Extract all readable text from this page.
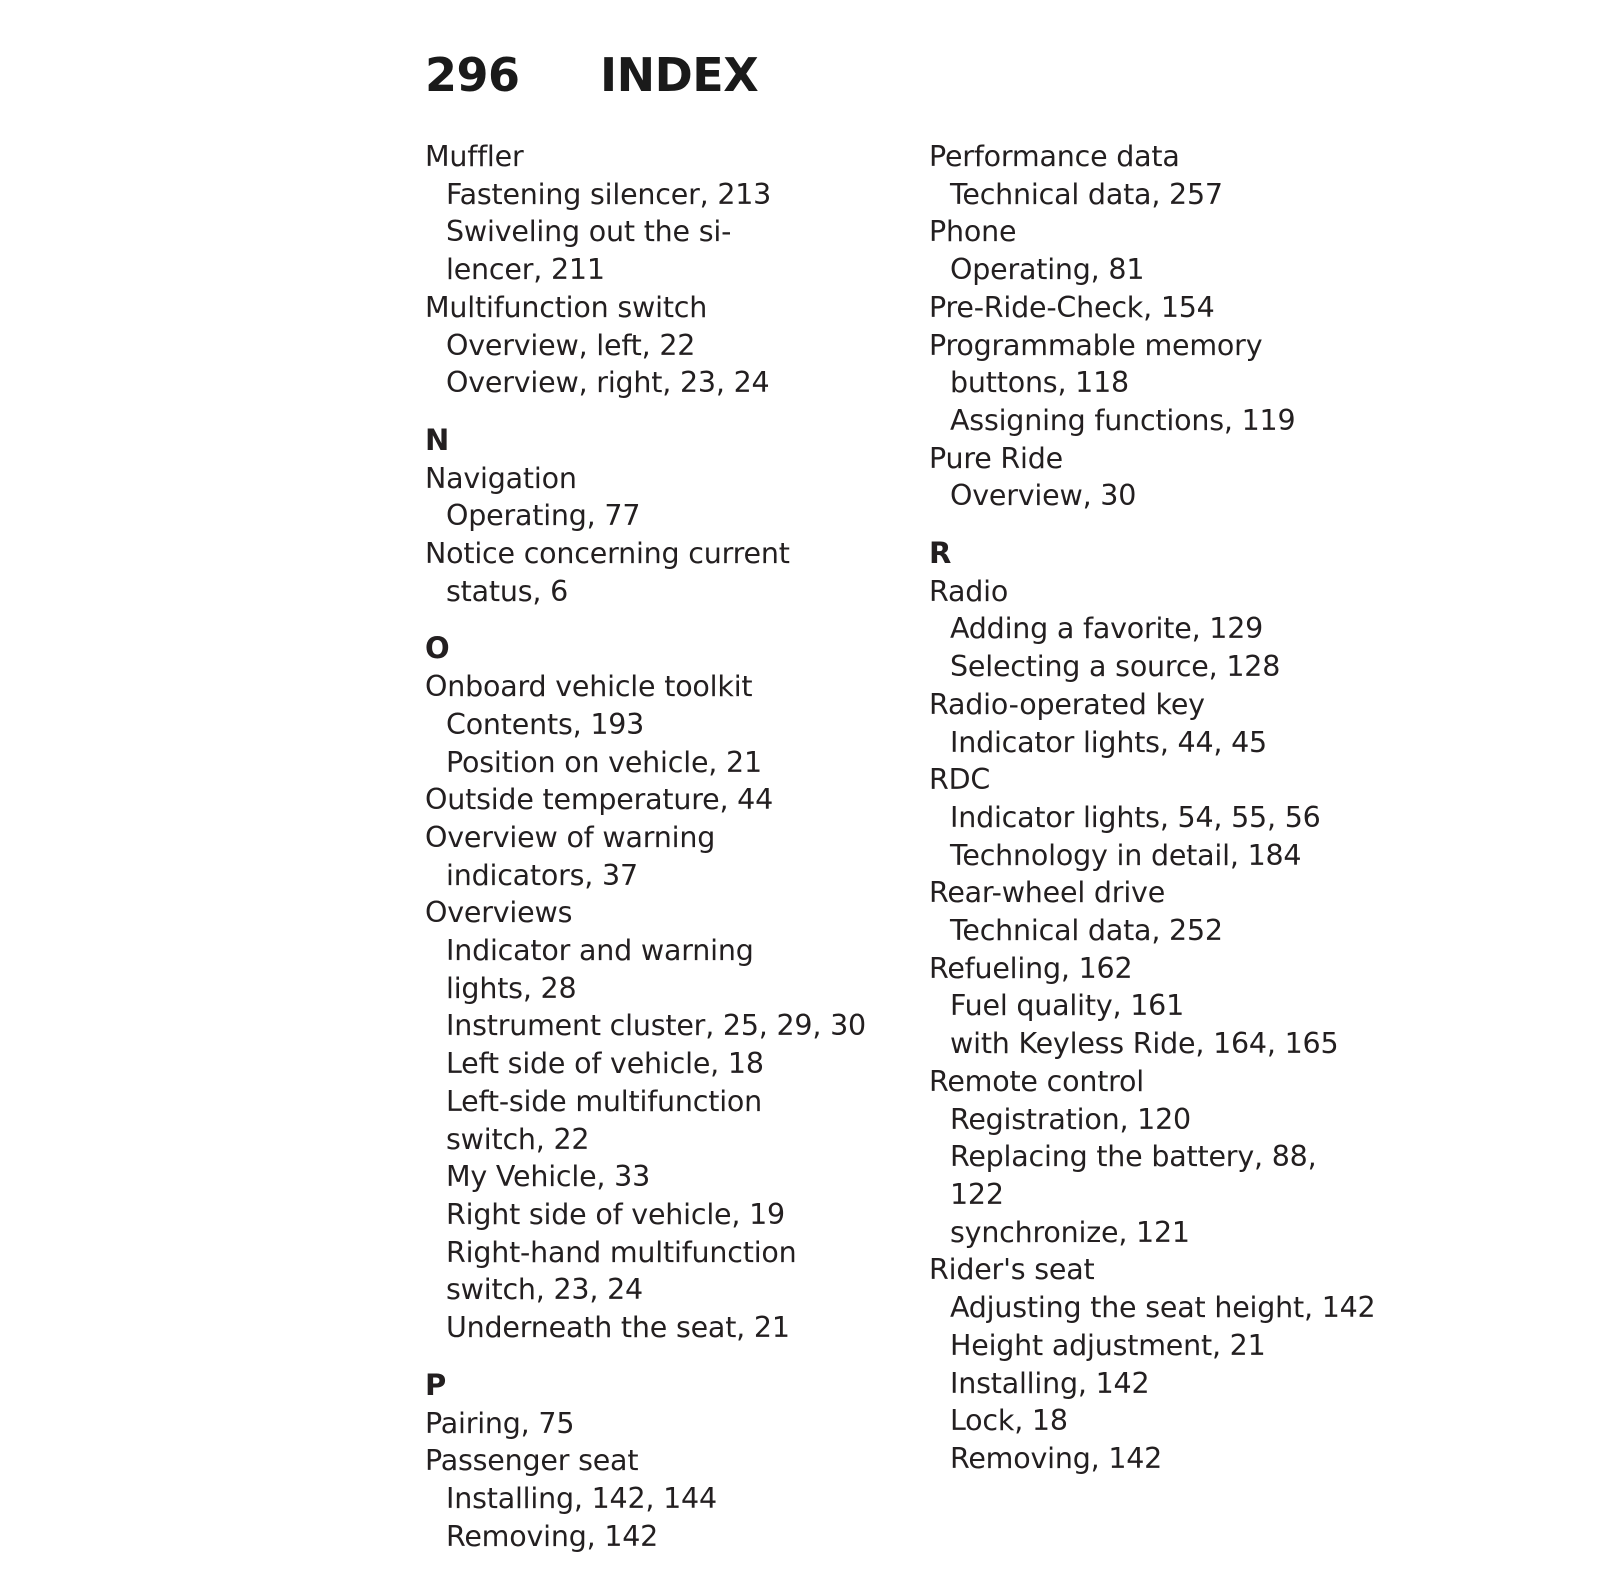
296	INDEX
Muffler
Fastening silencer, 213
Swiveling out the si-
lencer, 211
Multifunction switch
Overview, left, 22
Overview, right, 23, 24
N
Navigation
Operating, 77
Notice concerning current
status, 6
O
Onboard vehicle toolkit
Contents, 193
Position on vehicle, 21
Outside temperature, 44
Overview of warning
indicators, 37
Overviews
Indicator and warning
lights, 28
Instrument cluster, 25, 29, 30
Left side of vehicle, 18
Left-side multifunction
switch, 22
My Vehicle, 33
Right side of vehicle, 19
Right-hand multifunction
switch, 23, 24
Underneath the seat, 21
P
Pairing, 75
Passenger seat
Installing, 142, 144
Removing, 142
Performance data
Technical data, 257
Phone
Operating, 81
Pre-Ride-Check, 154
Programmable memory
buttons, 118
Assigning functions, 119
Pure Ride
Overview, 30
R
Radio
Adding a favorite, 129
Selecting a source, 128
Radio-operated key
Indicator lights, 44, 45
RDC
Indicator lights, 54, 55, 56
Technology in detail, 184
Rear-wheel drive
Technical data, 252
Refueling, 162
Fuel quality, 161
with Keyless Ride, 164, 165
Remote control
Registration, 120
Replacing the battery, 88,
122
synchronize, 121
Rider's seat
Adjusting the seat height, 142
Height adjustment, 21
Installing, 142
Lock, 18
Removing, 142
